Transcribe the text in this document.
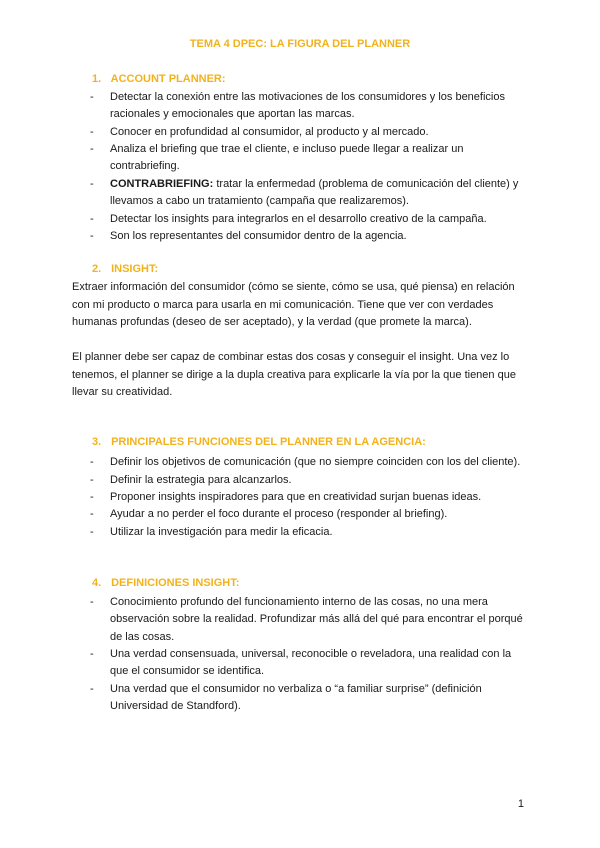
TEMA 4 DPEC: LA FIGURA DEL PLANNER
1. ACCOUNT PLANNER:
- Detectar la conexión entre las motivaciones de los consumidores y los beneficios racionales y emocionales que aportan las marcas.
- Conocer en profundidad al consumidor, al producto y al mercado.
- Analiza el briefing que trae el cliente, e incluso puede llegar a realizar un contrabriefing.
- CONTRABRIEFING: tratar la enfermedad (problema de comunicación del cliente) y llevamos a cabo un tratamiento (campaña que realizaremos).
- Detectar los insights para integrarlos en el desarrollo creativo de la campaña.
- Son los representantes del consumidor dentro de la agencia.
2. INSIGHT:
Extraer información del consumidor (cómo se siente, cómo se usa, qué piensa) en relación con mi producto o marca para usarla en mi comunicación. Tiene que ver con verdades humanas profundas (deseo de ser aceptado), y la verdad (que promete la marca).
El planner debe ser capaz de combinar estas dos cosas y conseguir el insight. Una vez lo tenemos, el planner se dirige a la dupla creativa para explicarle la vía por la que tienen que llevar su creatividad.
3. PRINCIPALES FUNCIONES DEL PLANNER EN LA AGENCIA:
- Definir los objetivos de comunicación (que no siempre coinciden con los del cliente).
- Definir la estrategia para alcanzarlos.
- Proponer insights inspiradores para que en creatividad surjan buenas ideas.
- Ayudar a no perder el foco durante el proceso (responder al briefing).
- Utilizar la investigación para medir la eficacia.
4. DEFINICIONES INSIGHT:
- Conocimiento profundo del funcionamiento interno de las cosas, no una mera observación sobre la realidad. Profundizar más allá del qué para encontrar el porqué de las cosas.
- Una verdad consensuada, universal, reconocible o reveladora, una realidad con la que el consumidor se identifica.
- Una verdad que el consumidor no verbaliza o “a familiar surprise” (definición Universidad de Standford).
1
